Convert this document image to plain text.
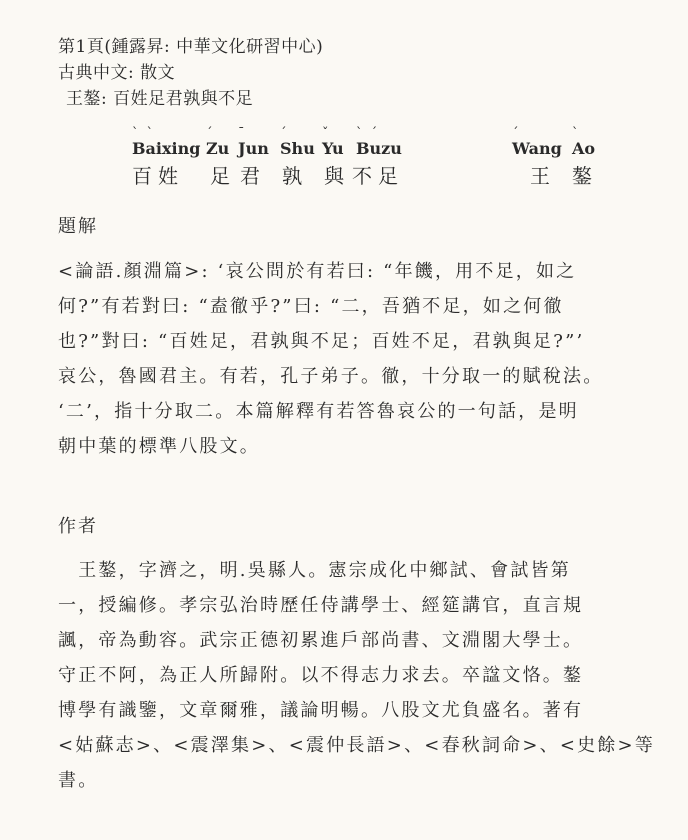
第1頁(鍾露昇: 中華文化研習中心)
古典中文: 散文
王鏊: 百姓足君孰與不足
ˋ ˋ
Baixing
ˊ
Zu
ˉ
Jun
ˊ
Shu
ˇ
Yu
ˋ ˊ
Buzu
ˊ
Wang
ˋ
Ao
百姓 足 君 孰 與 不足	王 鏊
題解
<論語.顏淵篇>: ‘哀公問於有若曰: “年饑，用不足，如之
何?”有若對曰: “盍徹乎?”曰: “二，吾猶不足，如之何徹
也?”對曰: “百姓足，君孰與不足；百姓不足，君孰與足?”’
哀公，魯國君主。有若，孔子弟子。徹，十分取一的賦稅法。
‘二’，指十分取二。本篇解釋有若答魯哀公的一句話，是明
朝中葉的標準八股文。
作者
　王鏊，字濟之，明.吳縣人。憲宗成化中鄉試、會試皆第
一，授編修。孝宗弘治時歷任侍講學士、經筵講官，直言規
諷，帝為動容。武宗正德初累進戶部尚書、文淵閣大學士。
守正不阿，為正人所歸附。以不得志力求去。卒諡文恪。鏊
博學有識鑒，文章爾雅，議論明暢。八股文尤負盛名。著有
<姑蘇志>、<震澤集>、<震仲長語>、<春秋詞命>、<史餘>等
書。
